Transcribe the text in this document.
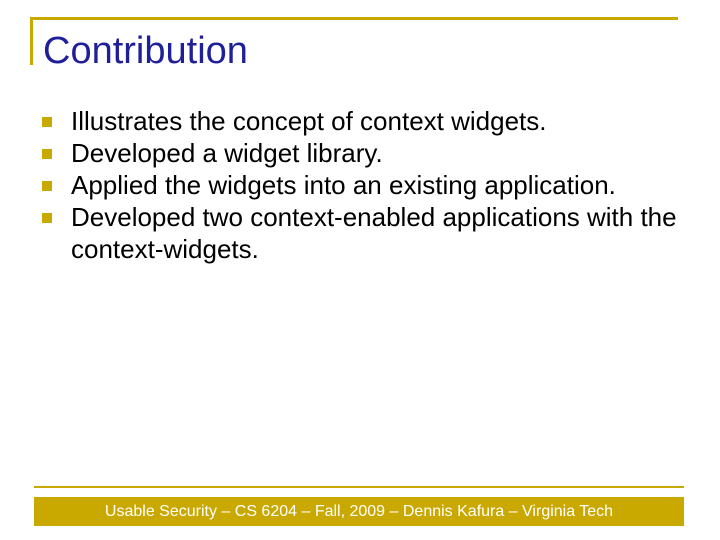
Contribution
Illustrates the concept of context widgets.
Developed a widget library.
Applied the widgets into an existing application.
Developed two context-enabled applications with the context-widgets.
Usable Security – CS 6204 – Fall, 2009 – Dennis Kafura – Virginia Tech
